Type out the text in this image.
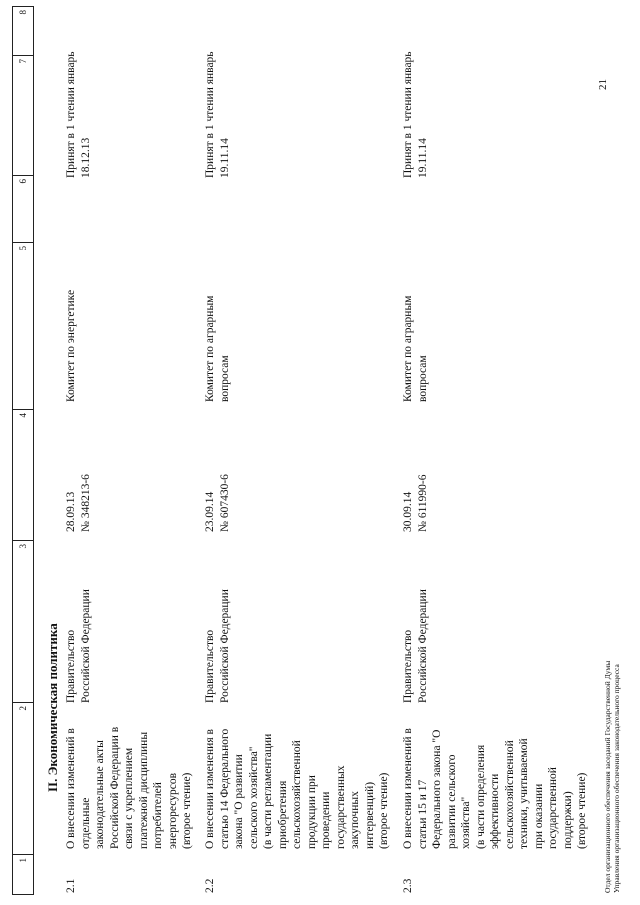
1
2
3
4
5
6
7
8
II. Экономическая политика
2.1
О внесении изменений в
отдельные
законодательные акты
Российской Федерации в
связи с укреплением
платежной дисциплины
потребителей
энергоресурсов
(второе чтение)
Правительство
Российской Федерации
28.09.13
№ 348213-6
Комитет по энергетике
Принят в 1 чтении январь
18.12.13
2.2
О внесении изменения в
статью 14 Федерального
закона "О развитии
сельского хозяйства"
(в части регламентации
приобретения
сельскохозяйственной
продукции при
проведении
государственных
закупочных
интервенций)
(второе чтение)
Правительство
Российской Федерации
23.09.14
№ 607430-6
Комитет по аграрным
вопросам
Принят в 1 чтении январь
19.11.14
2.3
О внесении изменений в
статьи 15 и 17
Федерального закона "О
развитии сельского
хозяйства"
(в части определения
эффективности
сельскохозяйственной
техники, учитываемой
при оказании
государственной
поддержки)
(второе чтение)
Правительство
Российской Федерации
30.09.14
№ 611990-6
Комитет по аграрным
вопросам
Принят в 1 чтении январь
19.11.14
Отдел организационного обеспечения заседаний Государственной Думы Управления организационного обеспечения законодательного процесса
21
